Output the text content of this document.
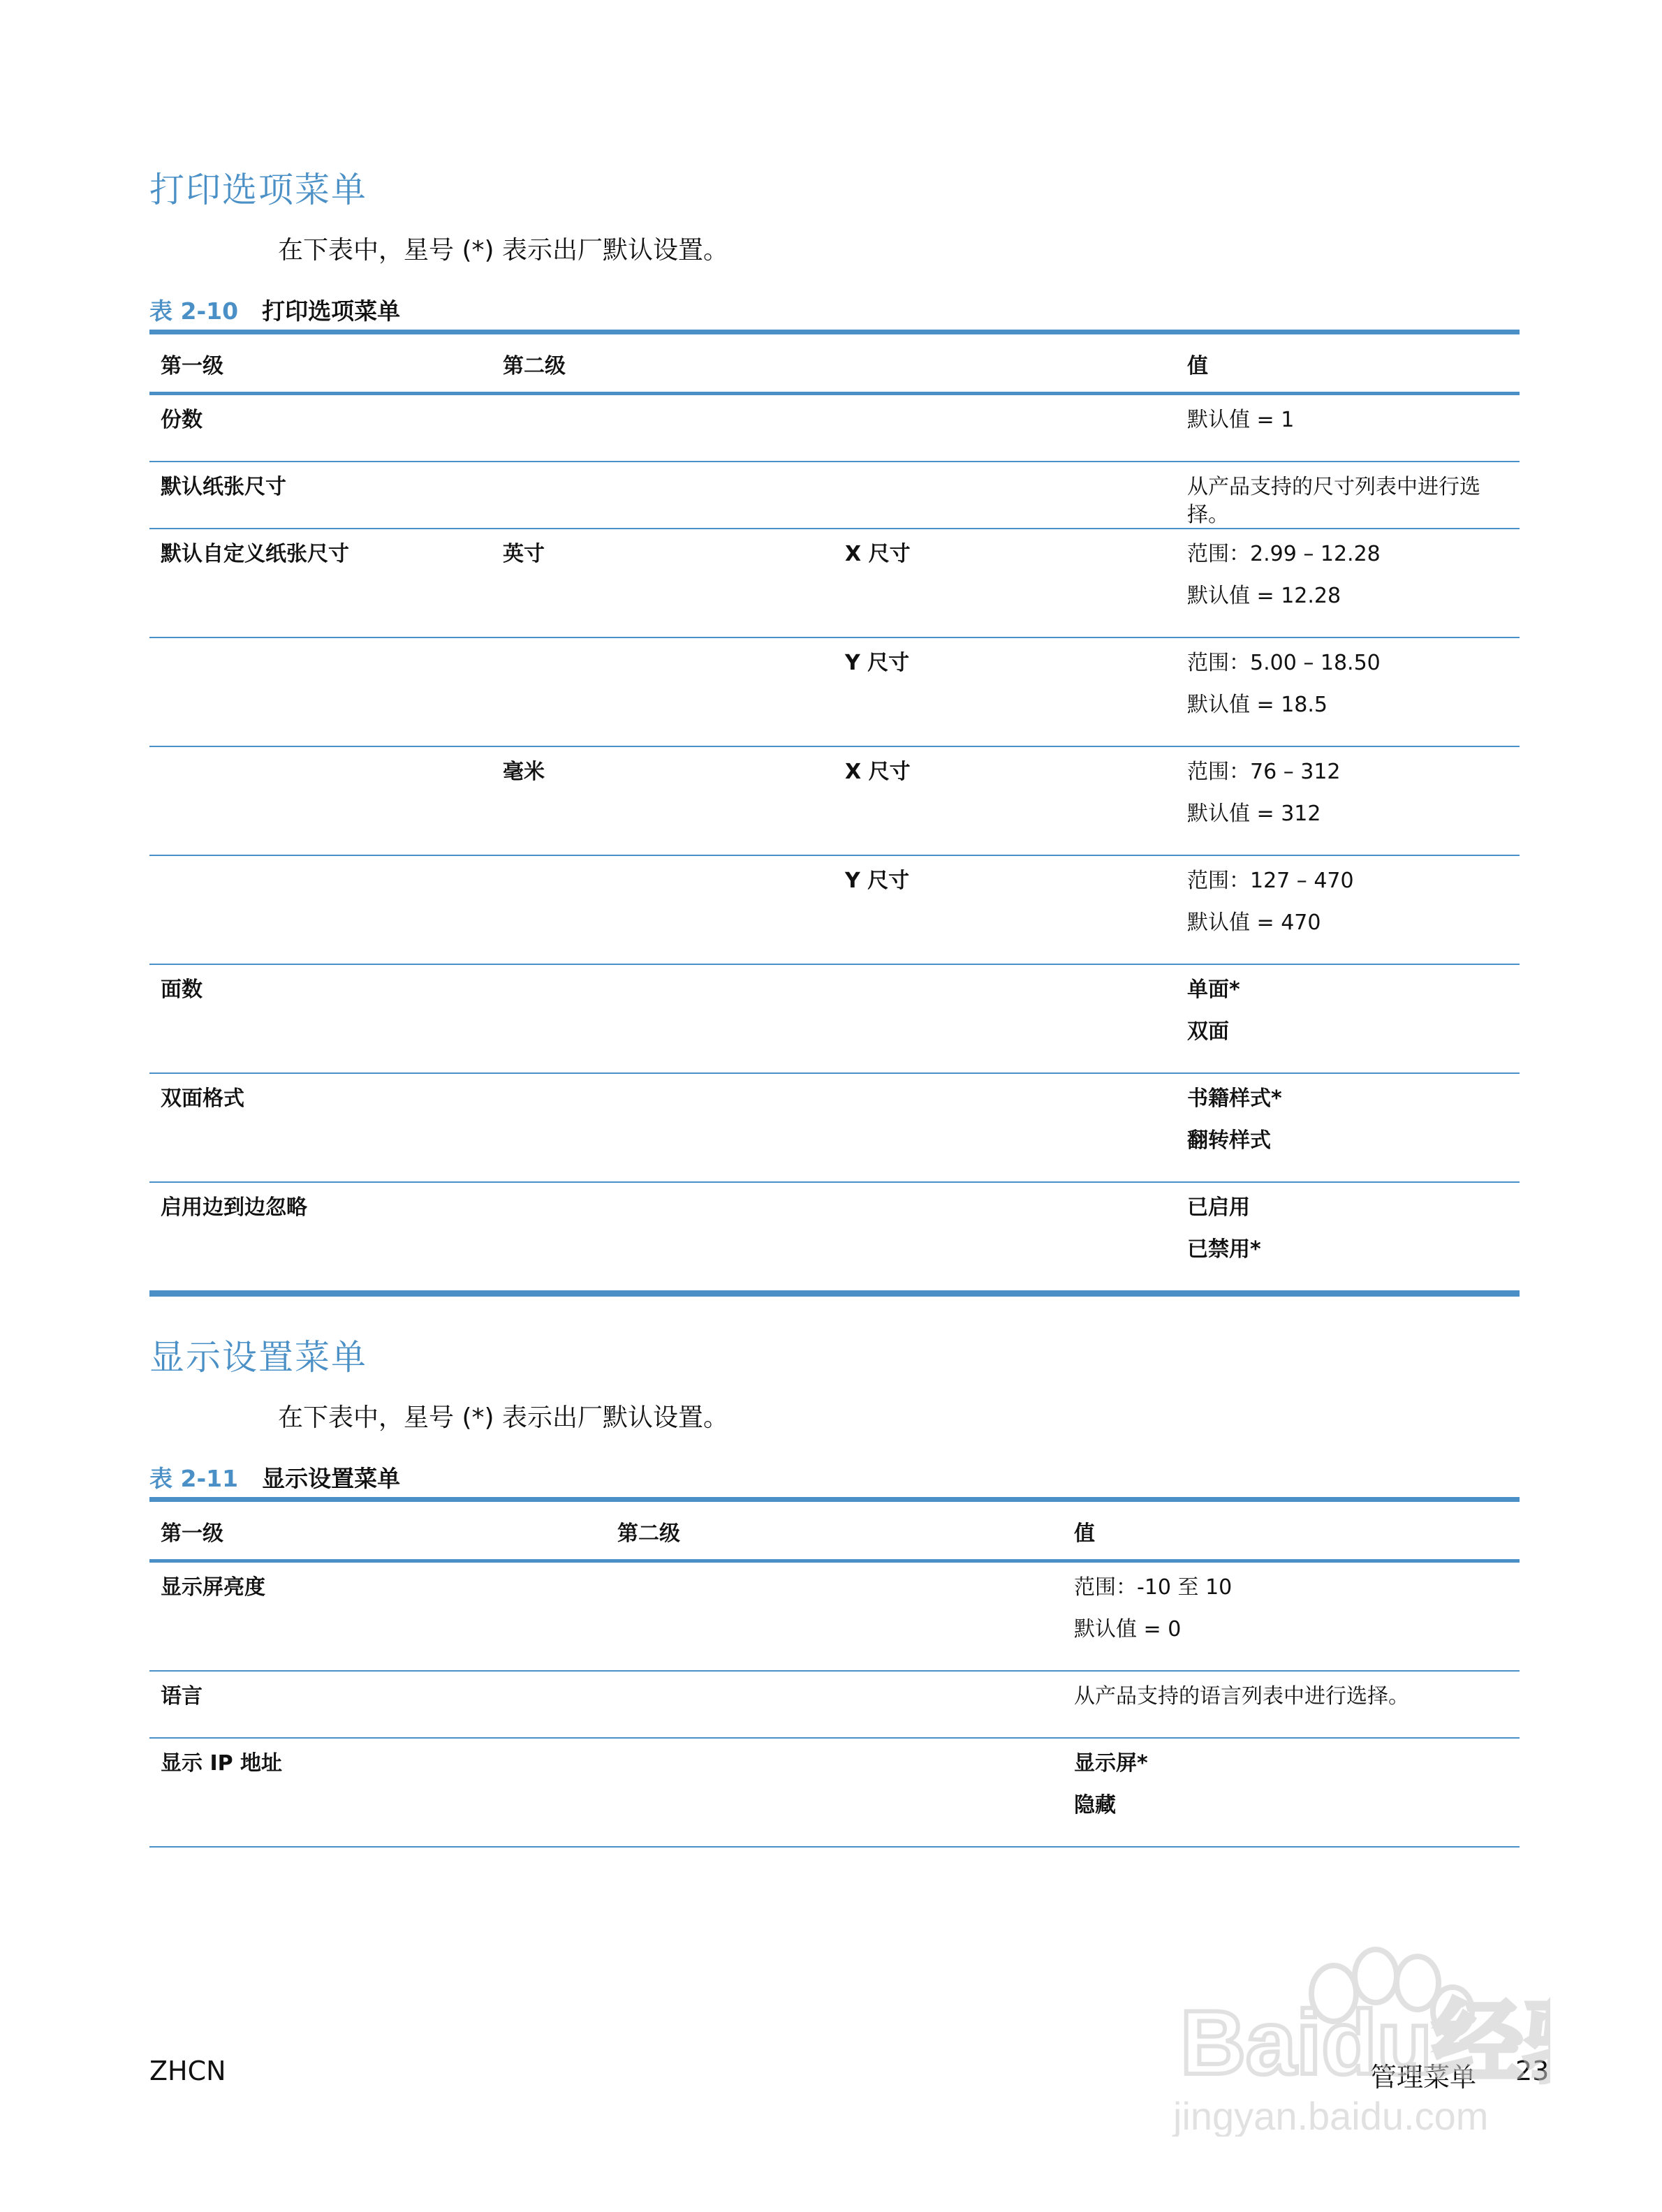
打印选项菜单
在下表中，星号 (*) 表示出厂默认设置。
表 2-10 打印选项菜单
第一级	第二级		值
份数			默认值 = 1

默认纸张尺寸			从产品支持的尺寸列表中进行选择。

默认自定义纸张尺寸	英寸	X 尺寸	范围：2.99 – 12.28
默认值 = 12.28

		Y 尺寸	范围：5.00 – 18.50
默认值 = 18.5

	毫米	X 尺寸	范围：76 – 312
默认值 = 312

		Y 尺寸	范围：127 – 470
默认值 = 470

面数			单面*
双面

双面格式			书籍样式*
翻转样式

启用边到边忽略			已启用
已禁用*
显示设置菜单
在下表中，星号 (*) 表示出厂默认设置。
表 2-11 显示设置菜单
第一级	第二级	值
显示屏亮度		范围：-10 至 10
默认值 = 0

语言		从产品支持的语言列表中进行选择。

显示 IP 地址		显示屏*
隐藏
ZHCN	管理菜单 23
Baidu经
jingyan.baidu.com
